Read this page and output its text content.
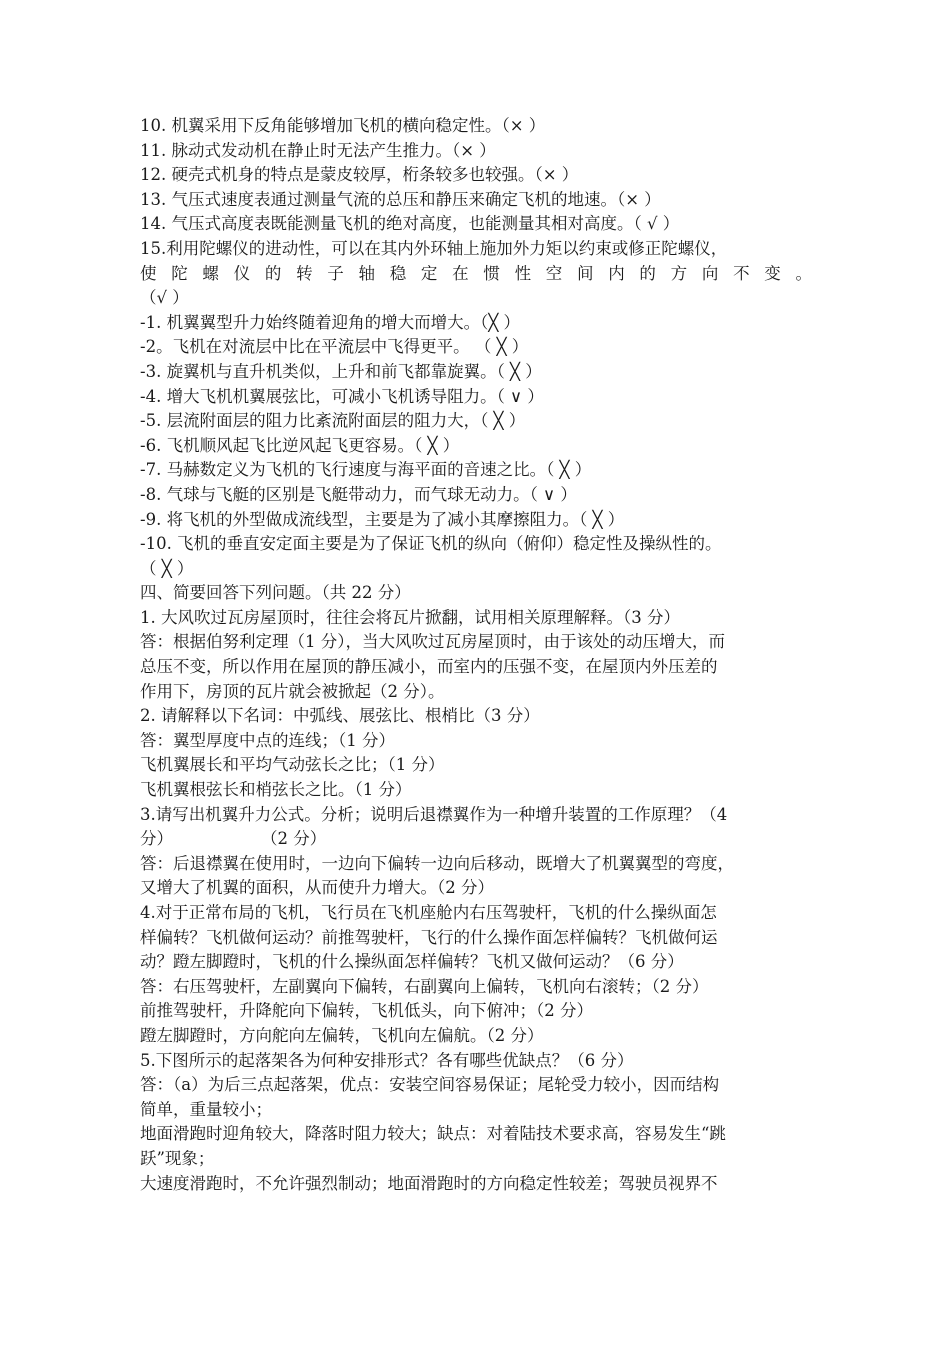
10. 机翼采用下反角能够增加飞机的横向稳定性。（× ）

11. 脉动式发动机在静止时无法产生推力。（× ）

12. 硬壳式机身的特点是蒙皮较厚，桁条较多也较强。（× ）

13. 气压式速度表通过测量气流的总压和静压来确定飞机的地速。（× ）

14. 气压式高度表既能测量飞机的绝对高度，也能测量其相对高度。（ √ ）

15.利用陀螺仪的进动性，可以在其内外环轴上施加外力矩以约束或修正陀螺仪，

使陀螺仪的转子轴稳定在惯性空间内的方向不变。

（√ ）

-1. 机翼翼型升力始终随着迎角的增大而增大。（╳ ）

-2。飞机在对流层中比在平流层中飞得更平。 （ ╳ ）

-3. 旋翼机与直升机类似，上升和前飞都靠旋翼。（ ╳ ）

-4. 增大飞机机翼展弦比，可减小飞机诱导阻力。（ ∨ ）

-5. 层流附面层的阻力比紊流附面层的阻力大，（ ╳ ）

-6. 飞机顺风起飞比逆风起飞更容易。（ ╳ ）

-7. 马赫数定义为飞机的飞行速度与海平面的音速之比。（ ╳ ）

-8. 气球与飞艇的区别是飞艇带动力，而气球无动力。（ ∨ ）

-9. 将飞机的外型做成流线型，主要是为了减小其摩擦阻力。（ ╳ ）

-10. 飞机的垂直安定面主要是为了保证飞机的纵向（俯仰）稳定性及操纵性的。

（ ╳ ）

四、简要回答下列问题。（共 22 分）

1. 大风吹过瓦房屋顶时，往往会将瓦片掀翻，试用相关原理解释。（3 分）

答：根据伯努利定理（1 分），当大风吹过瓦房屋顶时，由于该处的动压增大，而

总压不变，所以作用在屋顶的静压减小，而室内的压强不变，在屋顶内外压差的

作用下，房顶的瓦片就会被掀起（2 分）。

2. 请解释以下名词：中弧线、展弦比、根梢比（3 分）

答：翼型厚度中点的连线；（1 分）

飞机翼展长和平均气动弦长之比；（1 分）

飞机翼根弦长和梢弦长之比。（1 分）

3.请写出机翼升力公式。分析；说明后退襟翼作为一种增升装置的工作原理？（4

分）	（2 分）

答：后退襟翼在使用时，一边向下偏转一边向后移动，既增大了机翼翼型的弯度，

又增大了机翼的面积，从而使升力增大。（2 分）

4.对于正常布局的飞机，飞行员在飞机座舱内右压驾驶杆，飞机的什么操纵面怎

样偏转？飞机做何运动？前推驾驶杆，飞行的什么操作面怎样偏转？飞机做何运

动？蹬左脚蹬时，飞机的什么操纵面怎样偏转？飞机又做何运动？（6 分）

答：右压驾驶杆，左副翼向下偏转，右副翼向上偏转，飞机向右滚转；（2 分）

前推驾驶杆，升降舵向下偏转，飞机低头，向下俯冲；（2 分）

蹬左脚蹬时，方向舵向左偏转，飞机向左偏航。（2 分）

5.下图所示的起落架各为何种安排形式？各有哪些优缺点？（6 分）

答：（a）为后三点起落架，优点：安装空间容易保证；尾轮受力较小，因而结构

简单，重量较小；

地面滑跑时迎角较大，降落时阻力较大；缺点：对着陆技术要求高，容易发生“跳

跃”现象；

大速度滑跑时，不允许强烈制动；地面滑跑时的方向稳定性较差；驾驶员视界不
